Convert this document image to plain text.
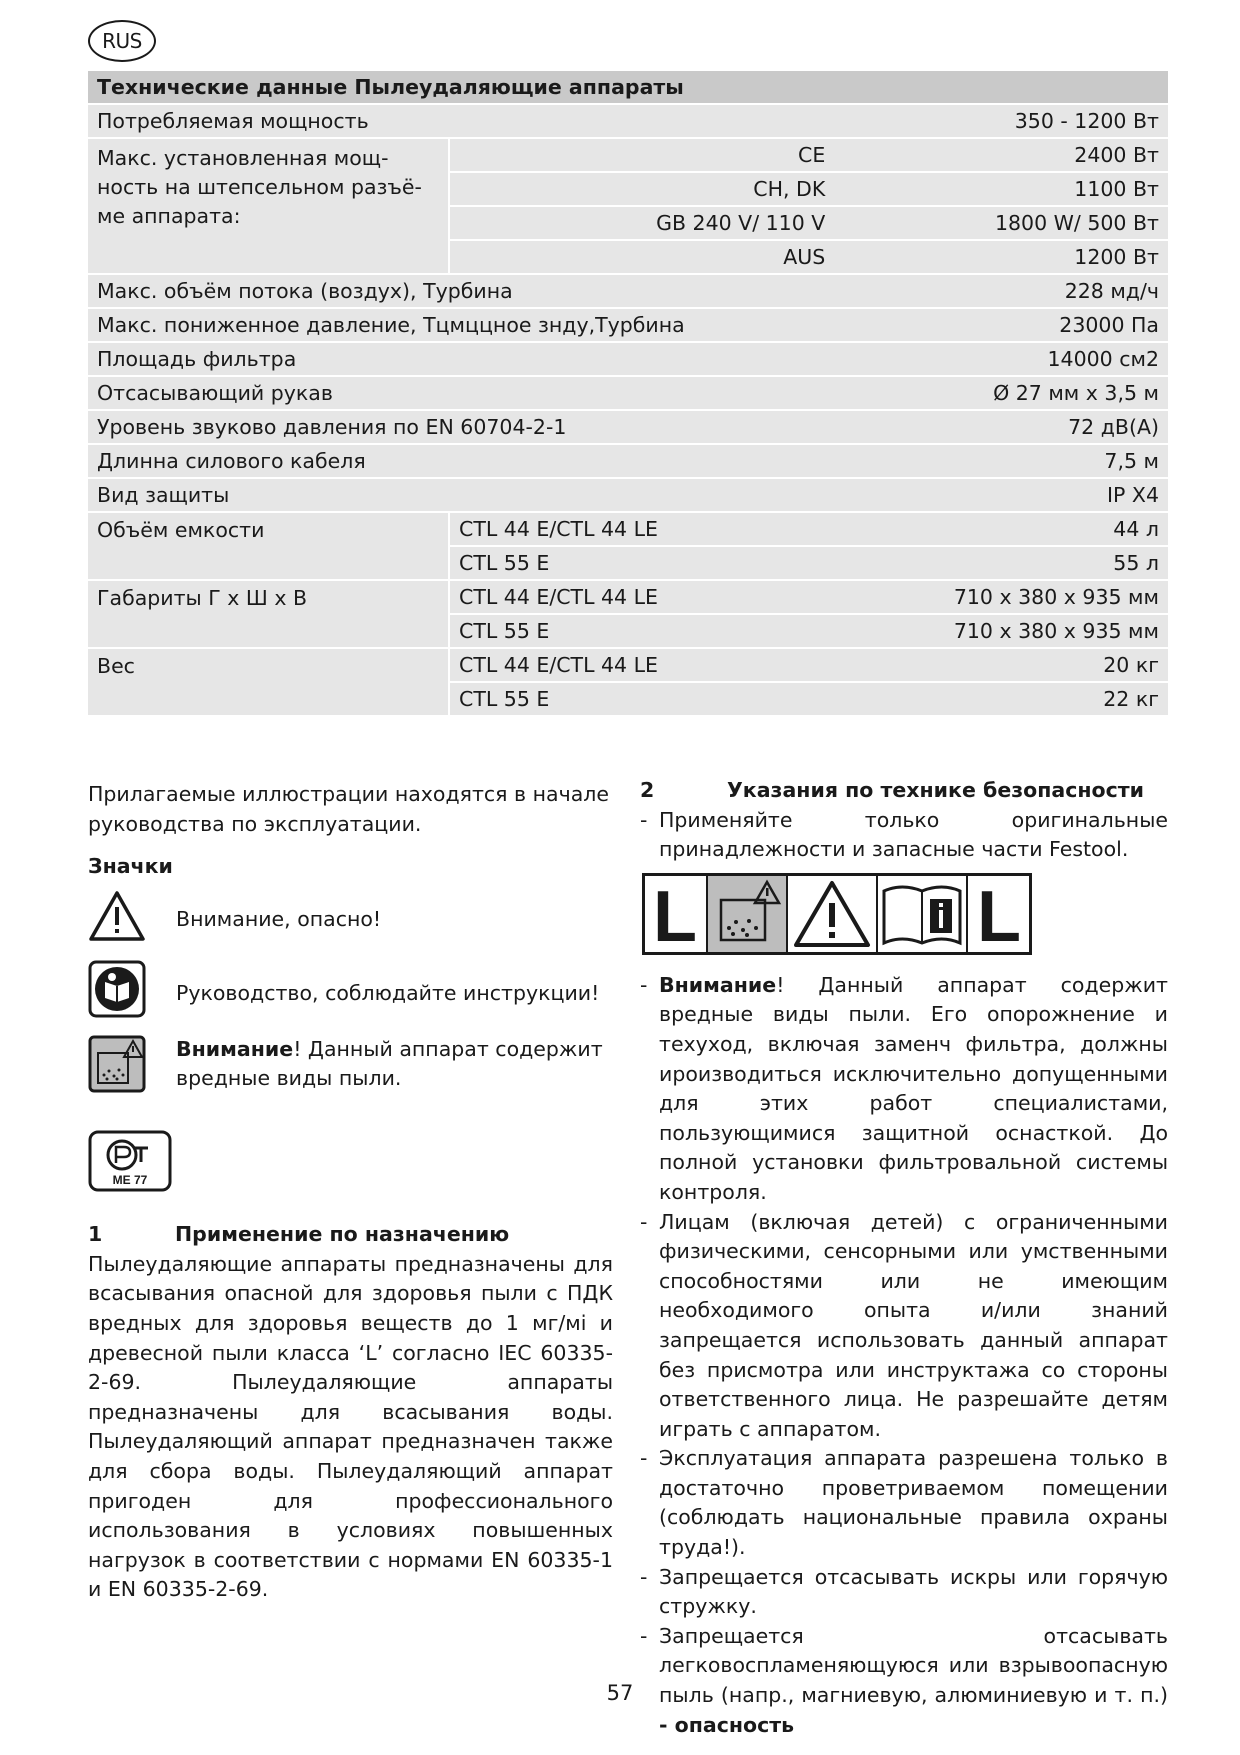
RUS
Технические данные Пылеудаляющие аппараты		
Потребляемая мощность		350 - 1200 Вт
Макс. установленная мощ-ность на штепсельном разъё-ме аппарата:	CE	2400 Вт
	CH, DK	1100 Вт
	GB 240 V/ 110 V	1800 W/ 500 Вт
	AUS	1200 Вт
Макс. объём потока (воздух), Турбина		228 мд/ч
Макс. пониженное давление, Тцмццное знду,Турбина		23000 Па
Площадь фильтра		14000 см2
Отсасывающий рукав		Ø 27 мм x 3,5 м
Уровень звуково давления по EN 60704-2-1		72 дВ(А)
Длинна силового кабеля		7,5 м
Вид защиты		IP X4
Объём емкости	CTL 44 E/CTL 44 LE	44 л
	CTL 55 E	55 л
Габариты Г x Ш x В	CTL 44 E/CTL 44 LE	710 x 380 x 935 мм
	CTL 55 E	710 x 380 x 935 мм
Вес	CTL 44 E/CTL 44 LE	20 кг
	CTL 55 E	22 кг

Прилагаемые иллюстрации находятся в начале руководства по эксплуатации.

Значки

Внимание, опасно!
Руководство, соблюдайте инструкции!
Внимание! Данный аппарат содержит вредные виды пыли.
ME 77
1	Применение по назначению

Пылеудаляющие аппараты предназначены для всасывания опасной для здоровья пыли с ПДК вредных для здоровья веществ до 1 мг/мі и древесной пыли класса ‘L’ согласно IEC 60335-2-69. Пылеудаляющие аппараты предназначены для всасывания воды. Пылеудаляющий аппарат предназначен также для сбора воды. Пылеудаляющий аппарат пригоден для профессионального использования в условиях повышенных нагрузок в соответствии с нормами EN 60335-1 и EN 60335-2-69.

2	Указания по технике безопасности
- Применяйте только оригинальные принадлежности и запасные части Festool.
L	L
- Внимание! Данный аппарат содержит вредные виды пыли. Его опорожнение и техуход, включая заменч фильтра, должны ироизводиться исключительно допущенными для этих работ специалистами, пользующимися защитной оснасткой. До полной установки фильтровальной системы контроля.
- Лицам (включая детей) с ограниченными физическими, сенсорными или умственными способностями или не имеющим необходимого опыта и/или знаний запрещается использовать данный аппарат без присмотра или инструктажа со стороны ответственного лица. Не разрешайте детям играть с аппаратом.
- Эксплуатация аппарата разрешена только в достаточно проветриваемом помещении (соблюдать национальные правила охраны труда!).
- Запрещается отсасывать искры или горячую стружку.
- Запрещается отсасывать легковоспламеняющуюся или взрывоопасную пыль (напр., магниевую, алюминиевую и т. п.) - опасность
57
